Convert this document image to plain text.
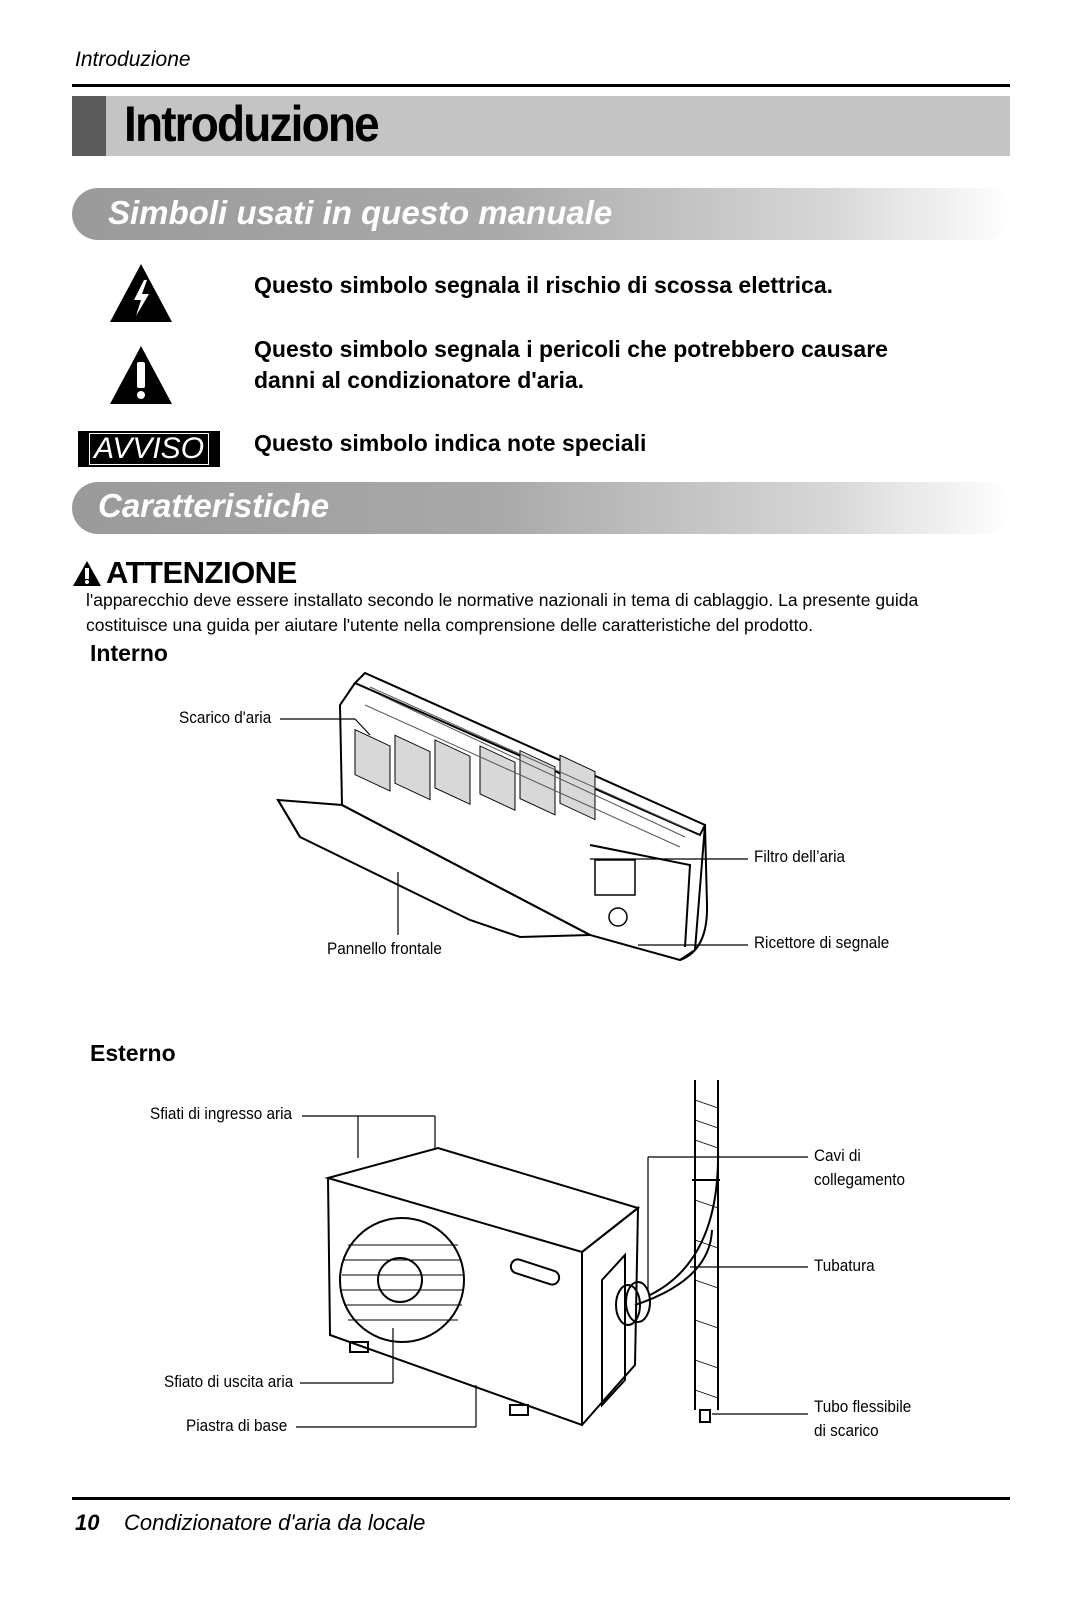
Introduzione
Introduzione
Simboli usati in questo manuale
Questo simbolo segnala il rischio di scossa elettrica.
Questo simbolo segnala i pericoli che potrebbero causare
danni al condizionatore d'aria.
AVVISO Questo simbolo indica note speciali
Caratteristiche
ATTENZIONE
l'apparecchio deve essere installato secondo le normative nazionali in tema di cablaggio. La presente guida
costituisce una guida per aiutare l'utente nella comprensione delle caratteristiche del prodotto.
Interno
Scarico d'aria
Filtro dell’aria
Pannello frontale	Ricettore di segnale
Esterno
Sfiati di ingresso aria
Cavi di
collegamento
Tubatura
Sfiato di uscita aria
Piastra di base
Tubo flessibile
di scarico
10 Condizionatore d'aria da locale
